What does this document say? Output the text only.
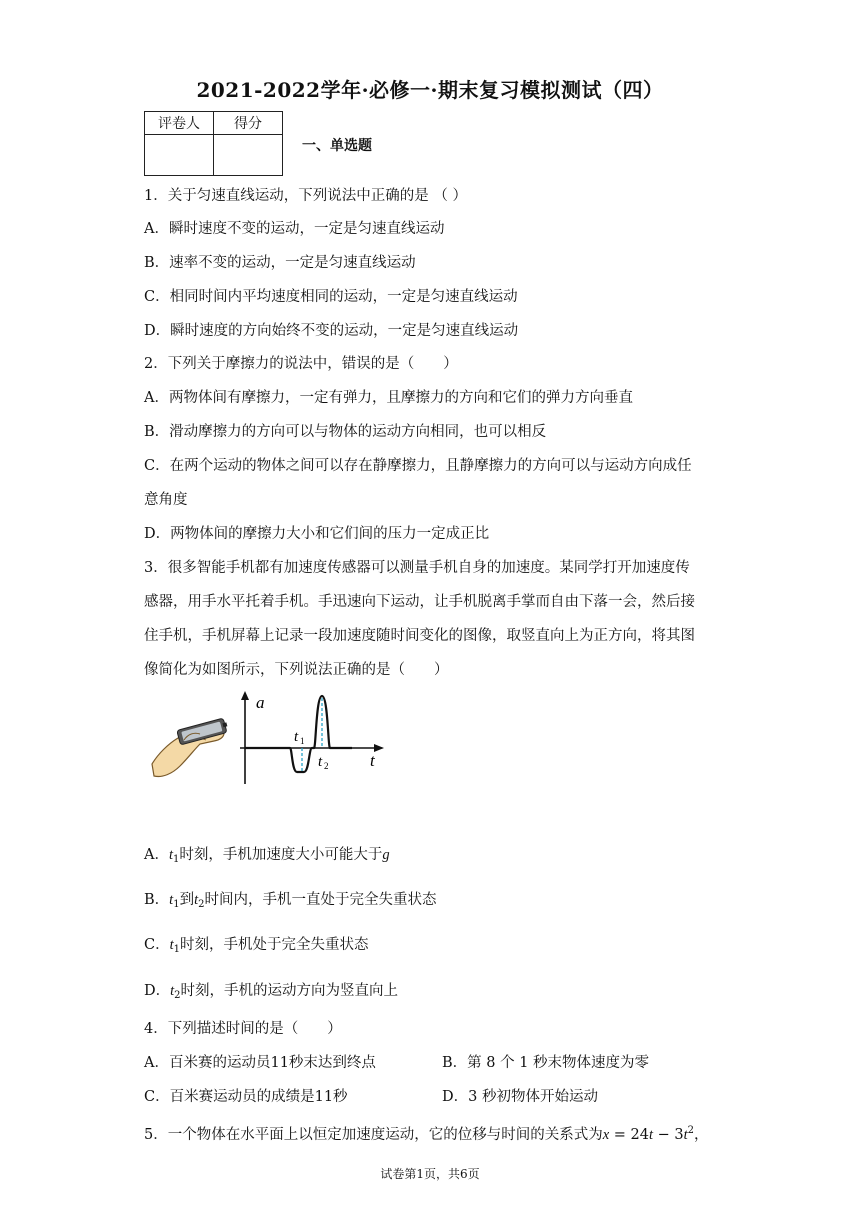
2021-2022学年·必修一·期末复习模拟测试（四）
评卷人	得分

一、单选题
1．关于匀速直线运动，下列说法中正确的是 （ ）
A．瞬时速度不变的运动，一定是匀速直线运动
B．速率不变的运动，一定是匀速直线运动
C．相同时间内平均速度相同的运动，一定是匀速直线运动
D．瞬时速度的方向始终不变的运动，一定是匀速直线运动
2．下列关于摩擦力的说法中，错误的是（　　）
A．两物体间有摩擦力，一定有弹力，且摩擦力的方向和它们的弹力方向垂直
B．滑动摩擦力的方向可以与物体的运动方向相同，也可以相反
C．在两个运动的物体之间可以存在静摩擦力，且静摩擦力的方向可以与运动方向成任
意角度
D．两物体间的摩擦力大小和它们间的压力一定成正比
3．很多智能手机都有加速度传感器可以测量手机自身的加速度。某同学打开加速度传
感器，用手水平托着手机。手迅速向下运动，让手机脱离手掌而自由下落一会，然后接
住手机，手机屏幕上记录一段加速度随时间变化的图像，取竖直向上为正方向，将其图
像简化为如图所示，下列说法正确的是（　　）
a
t
t 1
t 2
A．$t_1$时刻，手机加速度大小可能大于g
B．$t_1$到$t_2$时间内，手机一直处于完全失重状态
C．$t_1$时刻，手机处于完全失重状态
D．$t_2$时刻，手机的运动方向为竖直向上
4．下列描述时间的是（　　）
A．百米赛的运动员11秒末达到终点	B．第 8 个 1 秒末物体速度为零
C．百米赛运动员的成绩是11秒	D．3 秒初物体开始运动
5．一个物体在水平面上以恒定加速度运动，它的位移与时间的关系式为$x = 24t - 3t^2$，
试卷第1页，共6页
